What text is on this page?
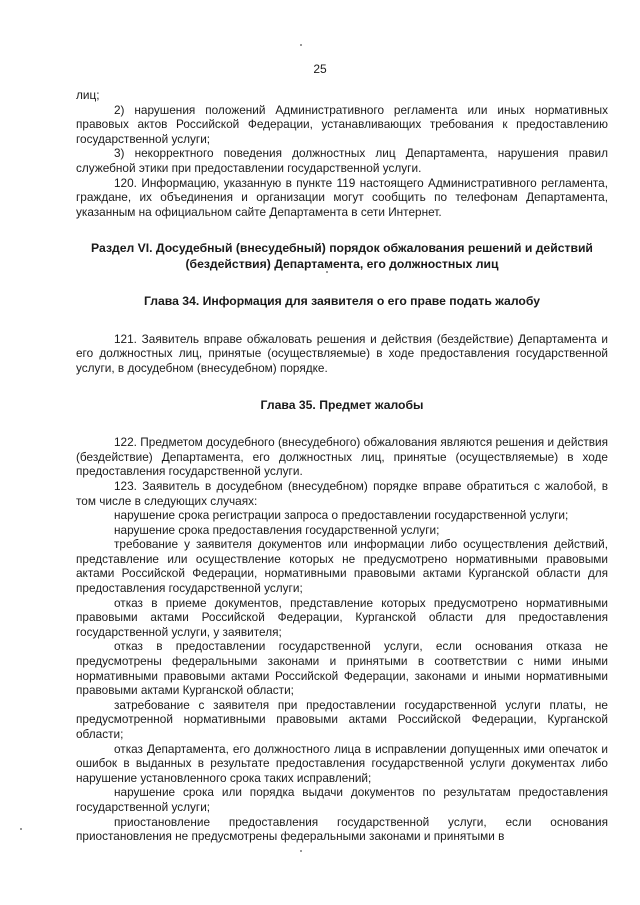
25

лиц;

2) нарушения положений Административного регламента или иных нормативных правовых актов Российской Федерации, устанавливающих требования к предоставлению государственной услуги;

3) некорректного поведения должностных лиц Департамента, нарушения правил служебной этики при предоставлении государственной услуги.

120. Информацию, указанную в пункте 119 настоящего Административного регламента, граждане, их объединения и организации могут сообщить по телефонам Департамента, указанным на официальном сайте Департамента в сети Интернет.

Раздел VI. Досудебный (внесудебный) порядок обжалования решений и действий (бездействия) Департамента, его должностных лиц

Глава 34. Информация для заявителя о его праве подать жалобу

121. Заявитель вправе обжаловать решения и действия (бездействие) Департамента и его должностных лиц, принятые (осуществляемые) в ходе предоставления государственной услуги, в досудебном (внесудебном) порядке.

Глава 35. Предмет жалобы

122. Предметом досудебного (внесудебного) обжалования являются решения и действия (бездействие) Департамента, его должностных лиц, принятые (осуществляемые) в ходе предоставления государственной услуги.

123. Заявитель в досудебном (внесудебном) порядке вправе обратиться с жалобой, в том числе в следующих случаях:

нарушение срока регистрации запроса о предоставлении государственной услуги;

нарушение срока предоставления государственной услуги;

требование у заявителя документов или информации либо осуществления действий, представление или осуществление которых не предусмотрено нормативными правовыми актами Российской Федерации, нормативными правовыми актами Курганской области для предоставления государственной услуги;

отказ в приеме документов, представление которых предусмотрено нормативными правовыми актами Российской Федерации, Курганской области для предоставления государственной услуги, у заявителя;

отказ в предоставлении государственной услуги, если основания отказа не предусмотрены федеральными законами и принятыми в соответствии с ними иными нормативными правовыми актами Российской Федерации, законами и иными нормативными правовыми актами Курганской области;

затребование с заявителя при предоставлении государственной услуги платы, не предусмотренной нормативными правовыми актами Российской Федерации, Курганской области;

отказ Департамента, его должностного лица в исправлении допущенных ими опечаток и ошибок в выданных в результате предоставления государственной услуги документах либо нарушение установленного срока таких исправлений;

нарушение срока или порядка выдачи документов по результатам предоставления государственной услуги;

приостановление предоставления государственной услуги, если основания приостановления не предусмотрены федеральными законами и принятыми в
